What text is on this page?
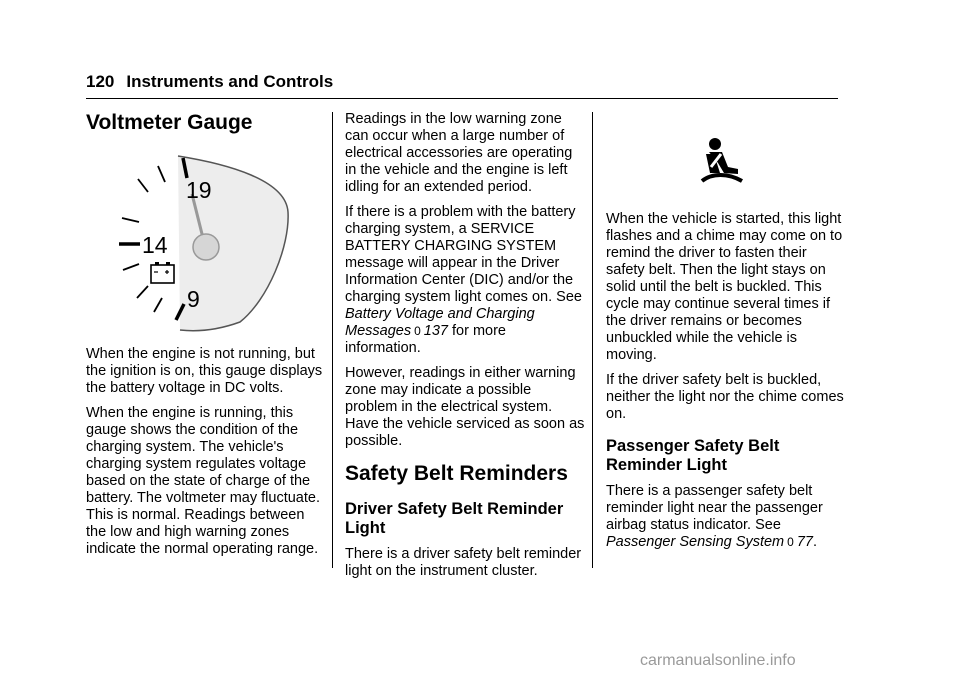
120 Instruments and Controls
Voltmeter Gauge
19
14
9

When the engine is not running, but the ignition is on, this gauge displays the battery voltage in DC volts.

When the engine is running, this gauge shows the condition of the charging system. The vehicle's charging system regulates voltage based on the state of charge of the battery. The voltmeter may fluctuate. This is normal. Readings between the low and high warning zones indicate the normal operating range.

Readings in the low warning zone can occur when a large number of electrical accessories are operating in the vehicle and the engine is left idling for an extended period.

If there is a problem with the battery charging system, a SERVICE BATTERY CHARGING SYSTEM message will appear in the Driver Information Center (DIC) and/or the charging system light comes on. See Battery Voltage and Charging Messages 0 137 for more information.

However, readings in either warning zone may indicate a possible problem in the electrical system. Have the vehicle serviced as soon as possible.

Safety Belt Reminders
Driver Safety Belt Reminder Light

There is a driver safety belt reminder light on the instrument cluster.

When the vehicle is started, this light flashes and a chime may come on to remind the driver to fasten their safety belt. Then the light stays on solid until the belt is buckled. This cycle may continue several times if the driver remains or becomes unbuckled while the vehicle is moving.

If the driver safety belt is buckled, neither the light nor the chime comes on.

Passenger Safety Belt Reminder Light

There is a passenger safety belt reminder light near the passenger airbag status indicator. See Passenger Sensing System 0 77.

carmanualsonline.info
